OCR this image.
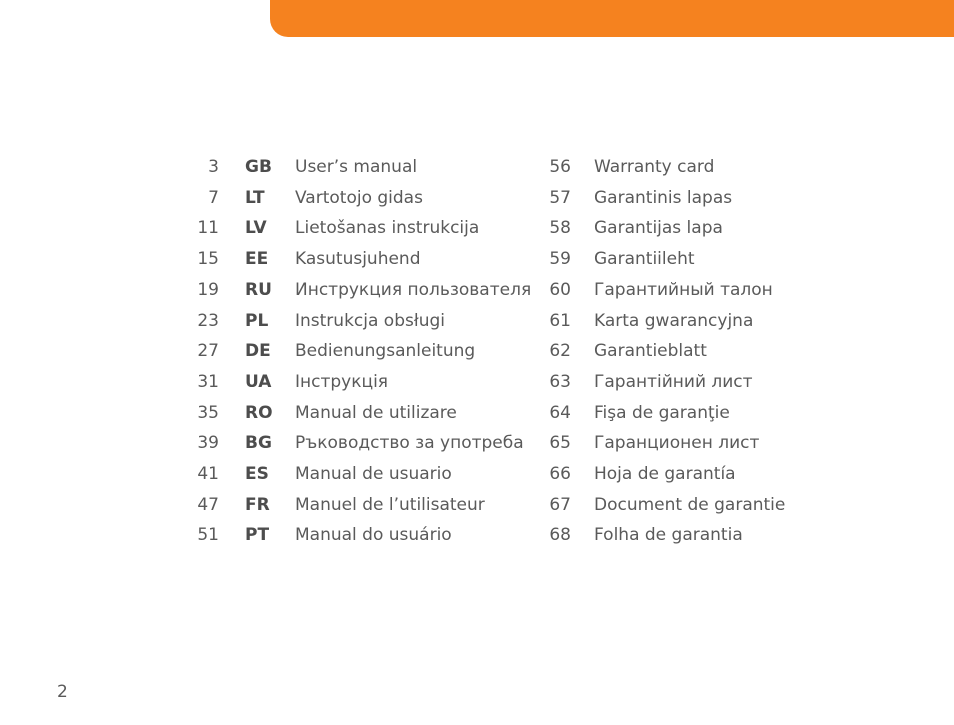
3 GB User’s manual	56 Warranty card
7 LT Vartotojo gidas	57 Garantinis lapas
11 LV Lietošanas instrukcija	58 Garantijas lapa
15 EE Kasutusjuhend	59 Garantiileht
19 RU Инструкция пользователя	60 Гарантийный талон
23 PL Instrukcja obsługi	61 Karta gwarancyjna
27 DE Bedienungsanleitung	62 Garantieblatt
31 UA Інструкція	63 Гарантійний лист
35 RO Manual de utilizare	64 Fişa de garanţie
39 BG Ръководство за употреба	65 Гаранционен лист
41 ES Manual de usuario	66 Hoja de garantía
47 FR Manuel de l’utilisateur	67 Document de garantie
51 PT Manual do usuário	68 Folha de garantia
2
